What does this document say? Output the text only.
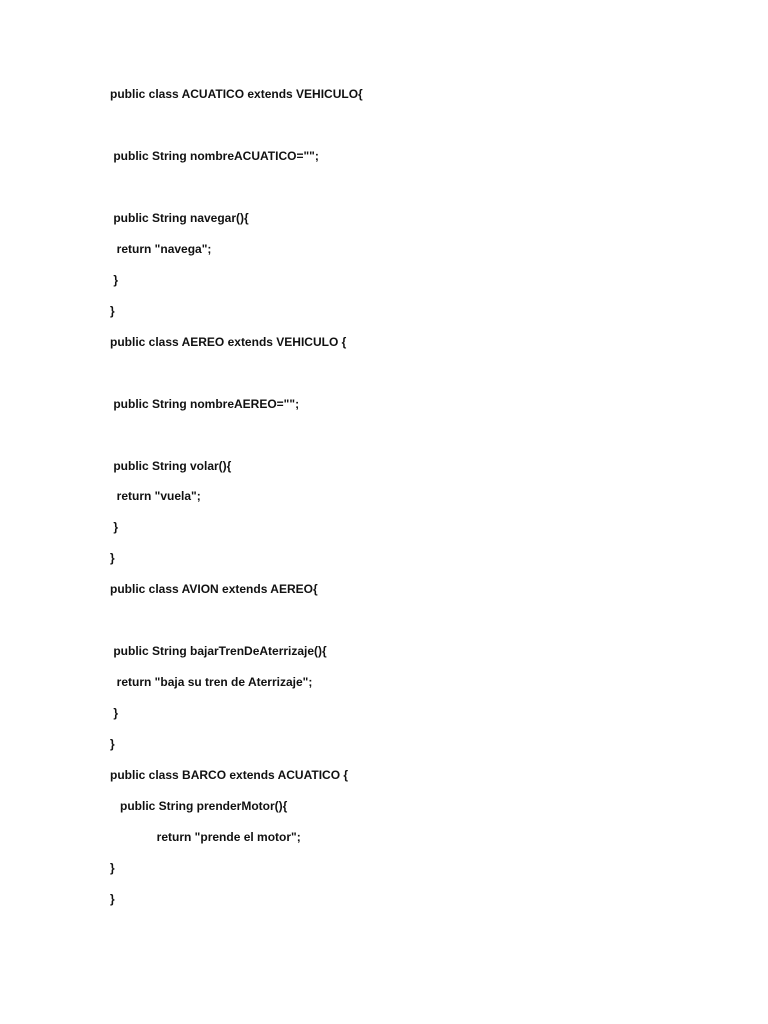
public class ACUATICO extends VEHICULO{
public String nombreACUATICO="";
public String navegar(){
return "navega";
}
}
public class AEREO extends VEHICULO {
public String nombreAEREO="";
public String volar(){
return "vuela";
}
}
public class AVION extends AEREO{
public String bajarTrenDeAterrizaje(){
return "baja su tren de Aterrizaje";
}
}
public class BARCO extends ACUATICO {
public String prenderMotor(){
return "prende el motor";
}
}
